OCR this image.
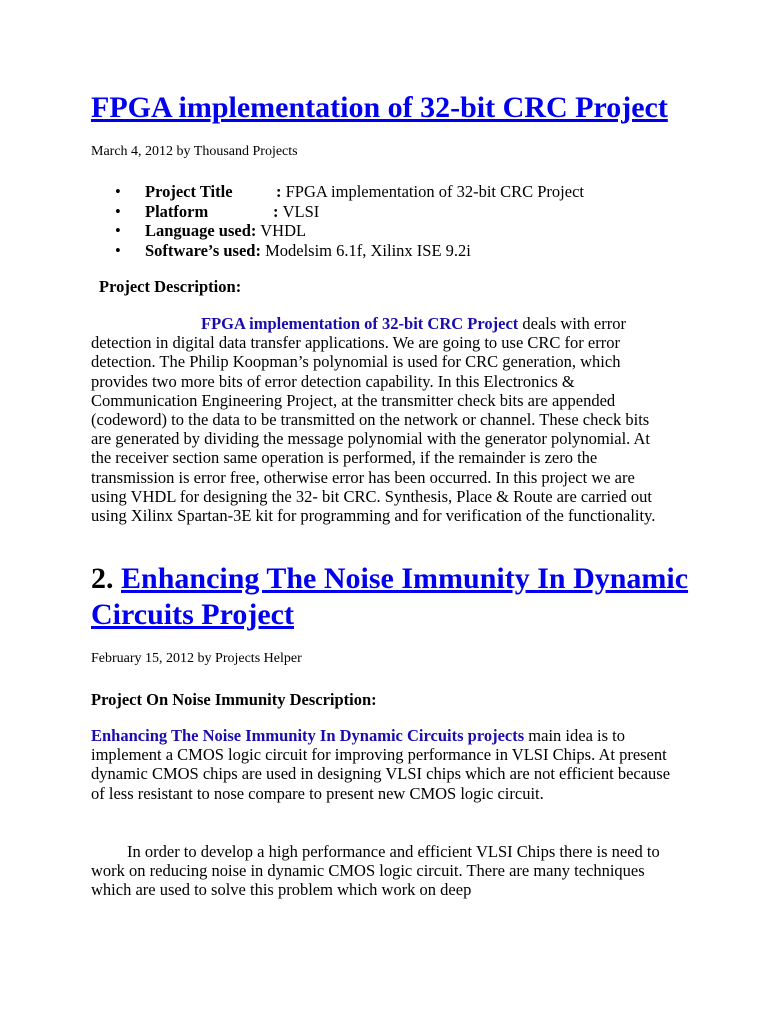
FPGA implementation of 32-bit CRC Project
March 4, 2012 by Thousand Projects
• Project Title	: FPGA implementation of 32-bit CRC Project
• Platform	: VLSI
• Language used: VHDL
• Software’s used: Modelsim 6.1f, Xilinx ISE 9.2i
Project Description:

FPGA implementation of 32-bit CRC Project deals with error detection in digital data transfer applications. We are going to use CRC for error detection. The Philip Koopman’s polynomial is used for CRC generation, which provides two more bits of error detection capability. In this Electronics & Communication Engineering Project, at the transmitter check bits are appended (codeword) to the data to be transmitted on the network or channel. These check bits are generated by dividing the message polynomial with the generator polynomial. At the receiver section same operation is performed, if the remainder is zero the transmission is error free, otherwise error has been occurred. In this project we are using VHDL for designing the 32- bit CRC. Synthesis, Place & Route are carried out using Xilinx Spartan-3E kit for programming and for verification of the functionality.

2. Enhancing The Noise Immunity In Dynamic Circuits Project
February 15, 2012 by Projects Helper
Project On Noise Immunity Description:

Enhancing The Noise Immunity In Dynamic Circuits projects main idea is to implement a CMOS logic circuit for improving performance in VLSI Chips. At present dynamic CMOS chips are used in designing VLSI chips which are not efficient because of less resistant to nose compare to present new CMOS logic circuit.

In order to develop a high performance and efficient VLSI Chips there is need to work on reducing noise in dynamic CMOS logic circuit. There are many techniques which are used to solve this problem which work on deep
